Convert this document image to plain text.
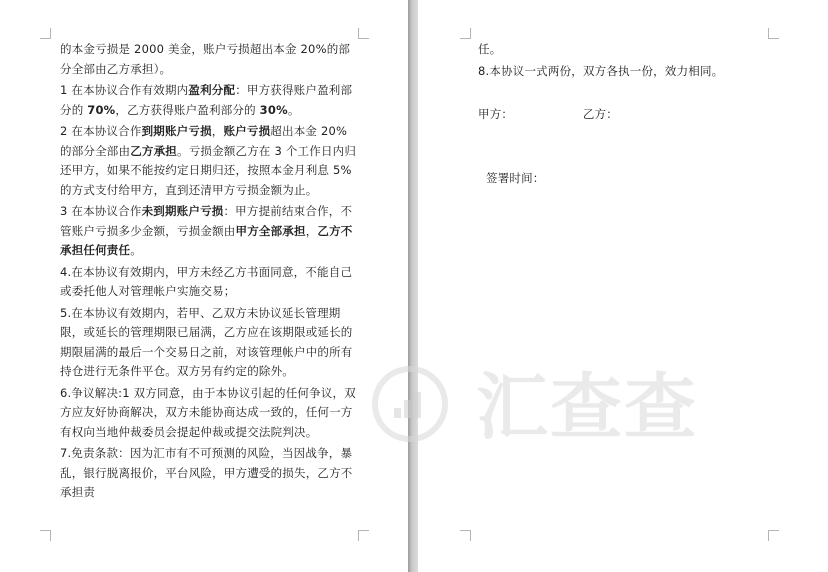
的本金亏损是 2000 美金，账户亏损超出本金 20%的部分全部由乙方承担）。
1 在本协议合作有效期内盈利分配：甲方获得账户盈利部分的 70%，乙方获得账户盈利部分的 30%。
2 在本协议合作到期账户亏损，账户亏损超出本金 20%的部分全部由乙方承担。亏损金额乙方在 3 个工作日内归还甲方，如果不能按约定日期归还，按照本金月利息 5%的方式支付给甲方，直到还清甲方亏损金额为止。
3 在本协议合作未到期账户亏损：甲方提前结束合作，不管账户亏损多少金额，亏损金额由甲方全部承担，乙方不承担任何责任。
4.在本协议有效期内，甲方未经乙方书面同意，不能自己或委托他人对管理帐户实施交易；
5.在本协议有效期内，若甲、乙双方未协议延长管理期限，或延长的管理期限已届满，乙方应在该期限或延长的期限届满的最后一个交易日之前，对该管理帐户中的所有持仓进行无条件平仓。双方另有约定的除外。
6.争议解决:1 双方同意，由于本协议引起的任何争议，双方应友好协商解决，双方未能协商达成一致的，任何一方有权向当地仲裁委员会提起仲裁或提交法院判决。
7.免责条款：因为汇市有不可预测的风险，当因战争，暴乱，银行脱离报价，平台风险，甲方遭受的损失，乙方不承担责
任。
8.本协议一式两份，双方各执一份，效力相同。
甲方：	乙方：
签署时间：
汇查查
